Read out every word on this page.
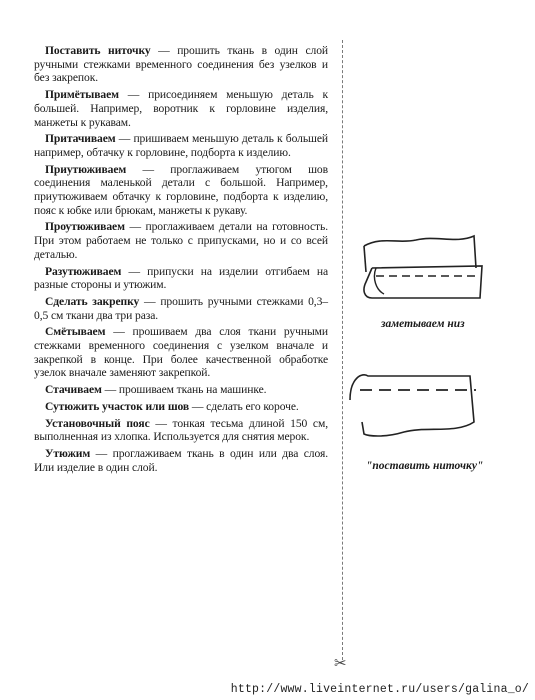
Поставить ниточку — прошить ткань в один слой ручными стежками временного соединения без узелков и без закрепок.

Примётываем — присоединяем меньшую деталь к большей. Например, воротник к горловине изделия, манжеты к рукавам.

Притачиваем — пришиваем меньшую деталь к большей например, обтачку к горловине, подборта к изделию.

Приутюживаем — проглаживаем утюгом шов соединения маленькой детали с большой. Например, приутюживаем обтачку к горловине, подборта к изделию, пояс к юбке или брюкам, манжеты к рукаву.

Проутюживаем — проглаживаем детали на готовность. При этом работаем не только с припусками, но и со всей деталью.

Разутюживаем — припуски на изделии отгибаем на разные стороны и утюжим.

Сделать закрепку — прошить ручными стежками 0,3–0,5 см ткани два три раза.

Смётываем — прошиваем два слоя ткани ручными стежками временного соединения с узелком вначале и закрепкой в конце. При более качественной обработке узелок вначале заменяют закрепкой.

Стачиваем — прошиваем ткань на машинке.

Сутюжить участок или шов — сделать его короче.

Установочный пояс — тонкая тесьма длиной 150 см, выполненная из хлопка. Используется для снятия мерок.

Утюжим — проглаживаем ткань в один или два слоя. Или изделие в один слой.

✂
заметываем низ
"поставить ниточку"
http://www.liveinternet.ru/users/galina_o/
